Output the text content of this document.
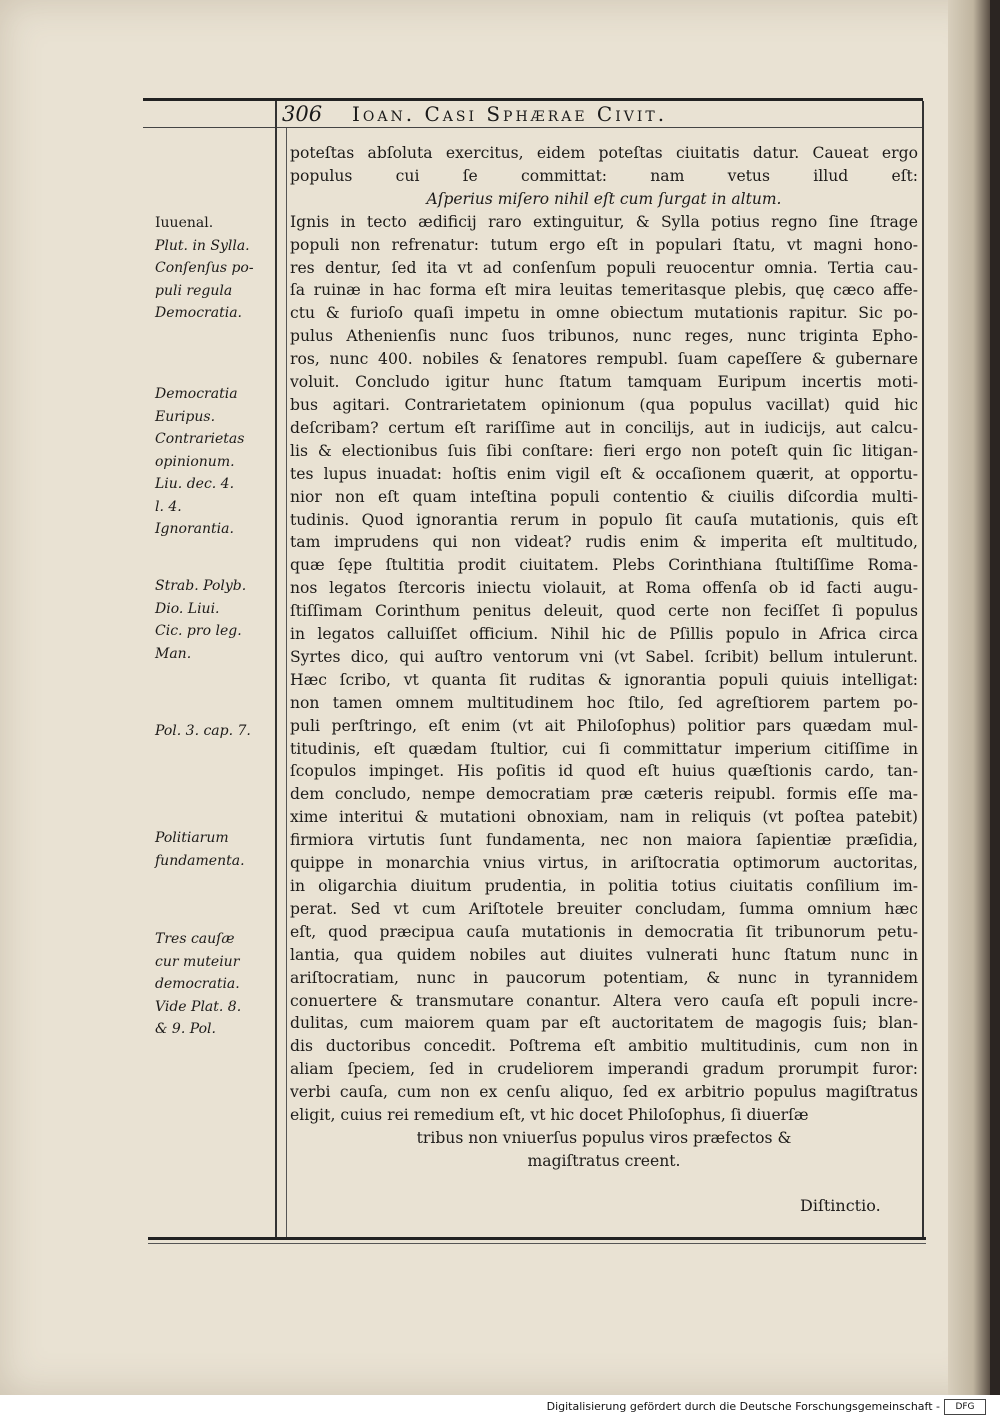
306	Ioan. Casi Sphærae Civit.
poteſtas abſoluta exercitus, eidem poteſtas ciuitatis datur. Caueat ergo
populus cui ſe committat: nam vetus illud eſt:
Aſperius miſero nihil eſt cum ſurgat in altum.
Ignis in tecto ædificij raro extinguitur, & Sylla potius regno ſine ſtrage
populi non refrenatur: tutum ergo eſt in populari ſtatu, vt magni hono-
res dentur, ſed ita vt ad conſenſum populi reuocentur omnia. Tertia cau-
ſa ruinæ in hac forma eſt mira leuitas temeritasque plebis, quę cæco affe-
ctu & furioſo quaſi impetu in omne obiectum mutationis rapitur. Sic po-
pulus Athenienſis nunc ſuos tribunos, nunc reges, nunc triginta Epho-
ros, nunc 400. nobiles & ſenatores rempubl. ſuam capeſſere & gubernare
voluit. Concludo igitur hunc ſtatum tamquam Euripum incertis moti-
bus agitari. Contrarietatem opinionum (qua populus vacillat) quid hic
deſcribam? certum eſt rariſſime aut in concilijs, aut in iudicijs, aut calcu-
lis & electionibus ſuis ſibi conſtare: fieri ergo non poteſt quin ſic litigan-
tes lupus inuadat: hoſtis enim vigil eſt & occaſionem quærit, at opportu-
nior non eſt quam inteſtina populi contentio & ciuilis diſcordia multi-
tudinis. Quod ignorantia rerum in populo ſit cauſa mutationis, quis eſt
tam imprudens qui non videat? rudis enim & imperita eſt multitudo,
quæ ſępe ſtultitia prodit ciuitatem. Plebs Corinthiana ſtultiſſime Roma-
nos legatos ſtercoris iniectu violauit, at Roma offenſa ob id facti augu-
ſtiſſimam Corinthum penitus deleuit, quod certe non feciſſet ſi populus
in legatos calluiſſet officium. Nihil hic de Pſillis populo in Africa circa
Syrtes dico, qui auſtro ventorum vni (vt Sabel. ſcribit) bellum intulerunt.
Hæc ſcribo, vt quanta ſit ruditas & ignorantia populi quiuis intelligat:
non tamen omnem multitudinem hoc ſtilo, ſed agreſtiorem partem po-
puli perſtringo, eſt enim (vt ait Philoſophus) politior pars quædam mul-
titudinis, eſt quædam ſtultior, cui ſi committatur imperium citiſſime in
ſcopulos impinget. His poſitis id quod eſt huius quæſtionis cardo, tan-
dem concludo, nempe democratiam præ cæteris reipubl. formis eſſe ma-
xime interitui & mutationi obnoxiam, nam in reliquis (vt poſtea patebit)
firmiora virtutis ſunt fundamenta, nec non maiora ſapientiæ præſidia,
quippe in monarchia vnius virtus, in ariſtocratia optimorum auctoritas,
in oligarchia diuitum prudentia, in politia totius ciuitatis conſilium im-
perat. Sed vt cum Ariſtotele breuiter concludam, ſumma omnium hæc
eſt, quod præcipua cauſa mutationis in democratia ſit tribunorum petu-
lantia, qua quidem nobiles aut diuites vulnerati hunc ſtatum nunc in
ariſtocratiam, nunc in paucorum potentiam, & nunc in tyrannidem
conuertere & transmutare conantur. Altera vero cauſa eſt populi incre-
dulitas, cum maiorem quam par eſt auctoritatem de magogis ſuis; blan-
dis ductoribus concedit. Poſtrema eſt ambitio multitudinis, cum non in
aliam ſpeciem, ſed in crudeliorem imperandi gradum prorumpit furor:
verbi cauſa, cum non ex cenſu aliquo, ſed ex arbitrio populus magiſtratus
eligit, cuius rei remedium eſt, vt hic docet Philoſophus, ſi diuerſæ
tribus non vniuerſus populus viros præfectos &
magiſtratus creent.
Diſtinctio.
Iuuenal.
Plut. in Sylla.
Conſenſus po-
puli regula
Democratia.
Democratia
Euripus.
Contrarietas
opinionum.
Liu. dec. 4.
l. 4.
Ignorantia.
Strab. Polyb.
Dio. Liui.
Cic. pro leg.
Man.
Pol. 3. cap. 7.
Politiarum
fundamenta.
Tres cauſæ
cur muteiur
democratia.
Vide Plat. 8.
& 9. Pol.
Digitalisierung gefördert durch die Deutsche Forschungsgemeinschaft -	DFG
